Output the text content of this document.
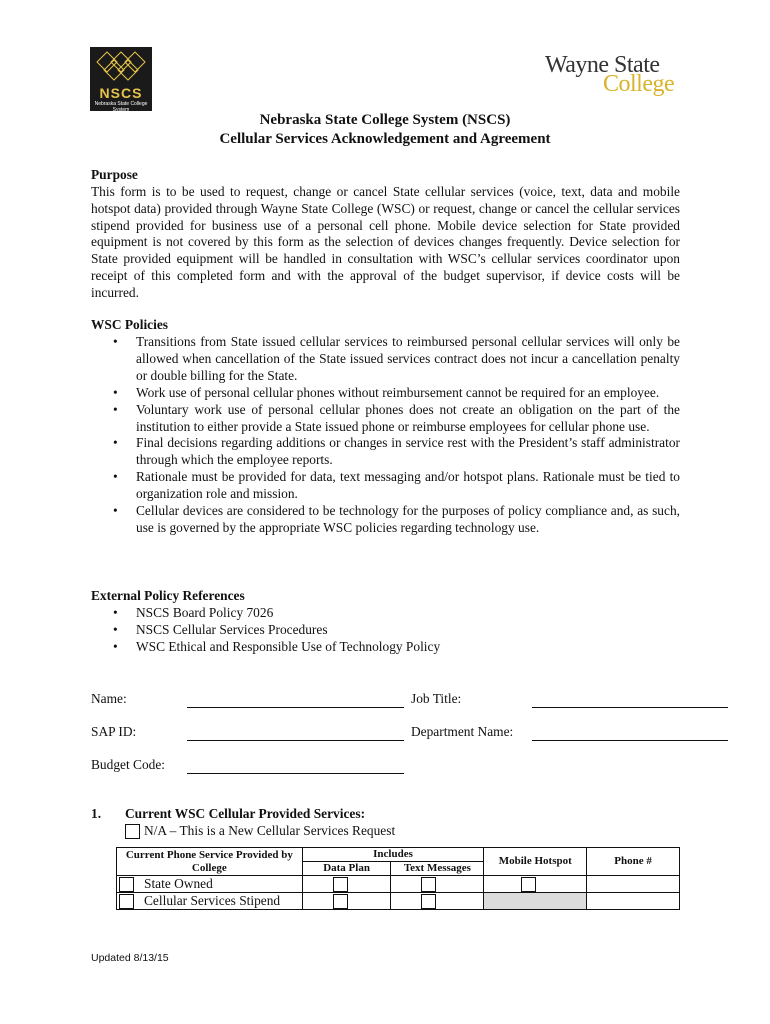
NSCS
Nebraska State College System
Wayne State
College
Nebraska State College System (NSCS)
Cellular Services Acknowledgement and Agreement
Purpose
This form is to be used to request, change or cancel State cellular services (voice, text, data and mobile hotspot data) provided through Wayne State College (WSC) or request, change or cancel the cellular services stipend provided for business use of a personal cell phone. Mobile device selection for State provided equipment is not covered by this form as the selection of devices changes frequently. Device selection for State provided equipment will be handled in consultation with WSC’s cellular services coordinator upon receipt of this completed form and with the approval of the budget supervisor, if device costs will be incurred.
WSC Policies
• Transitions from State issued cellular services to reimbursed personal cellular services will only be allowed when cancellation of the State issued services contract does not incur a cancellation penalty or double billing for the State.
• Work use of personal cellular phones without reimbursement cannot be required for an employee.
• Voluntary work use of personal cellular phones does not create an obligation on the part of the institution to either provide a State issued phone or reimburse employees for cellular phone use.
• Final decisions regarding additions or changes in service rest with the President’s staff administrator through which the employee reports.
• Rationale must be provided for data, text messaging and/or hotspot plans. Rationale must be tied to organization role and mission.
• Cellular devices are considered to be technology for the purposes of policy compliance and, as such, use is governed by the appropriate WSC policies regarding technology use.
External Policy References
• NSCS Board Policy 7026
• NSCS Cellular Services Procedures
• WSC Ethical and Responsible Use of Technology Policy
Name:	Job Title:
SAP ID:	Department Name:
Budget Code:
1. Current WSC Cellular Provided Services:
N/A – This is a New Cellular Services Request
Current Phone Service Provided by College	Includes		Mobile Hotspot	Phone #
	Data Plan	Text Messages		

State Owned	

Cellular Services Stipend	

Updated 8/13/15
